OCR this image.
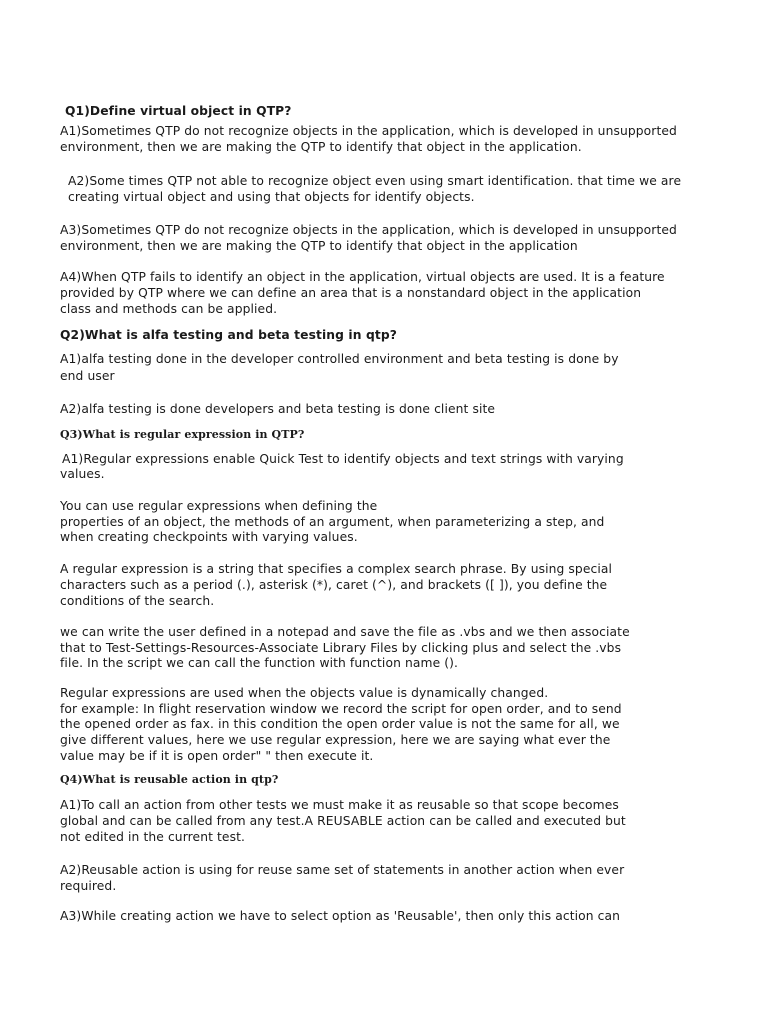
Q1)Define virtual object in QTP?

A1)Sometimes QTP do not recognize objects in the application, which is developed in unsupported

environment, then we are making the QTP to identify that object in the application.

A2)Some times QTP not able to recognize object even using smart identification. that time we are

creating virtual object and using that objects for identify objects.

A3)Sometimes QTP do not recognize objects in the application, which is developed in unsupported

environment, then we are making the QTP to identify that object in the application

A4)When QTP fails to identify an object in the application, virtual objects are used. It is a feature

provided by QTP where we can define an area that is a nonstandard object in the application

class and methods can be applied.

Q2)What is alfa testing and beta testing in qtp?

A1)alfa testing done in the developer controlled environment and beta testing is done by

end user

A2)alfa testing is done developers and beta testing is done client site

Q3)What is regular expression in QTP?

A1)Regular expressions enable Quick Test to identify objects and text strings with varying

values.

You can use regular expressions when defining the

properties of an object, the methods of an argument, when parameterizing a step, and

when creating checkpoints with varying values.

A regular expression is a string that specifies a complex search phrase. By using special

characters such as a period (.), asterisk (*), caret (^), and brackets ([ ]), you define the

conditions of the search.

we can write the user defined in a notepad and save the file as .vbs and we then associate

that to Test-Settings-Resources-Associate Library Files by clicking plus and select the .vbs

file. In the script we can call the function with function name ().

Regular expressions are used when the objects value is dynamically changed.

for example: In flight reservation window we record the script for open order, and to send

the opened order as fax. in this condition the open order value is not the same for all, we

give different values, here we use regular expression, here we are saying what ever the

value may be if it is open order" " then execute it.

Q4)What is reusable action in qtp?

A1)To call an action from other tests we must make it as reusable so that scope becomes

global and can be called from any test.A REUSABLE action can be called and executed but

not edited in the current test.

A2)Reusable action is using for reuse same set of statements in another action when ever

required.

A3)While creating action we have to select option as 'Reusable', then only this action can
